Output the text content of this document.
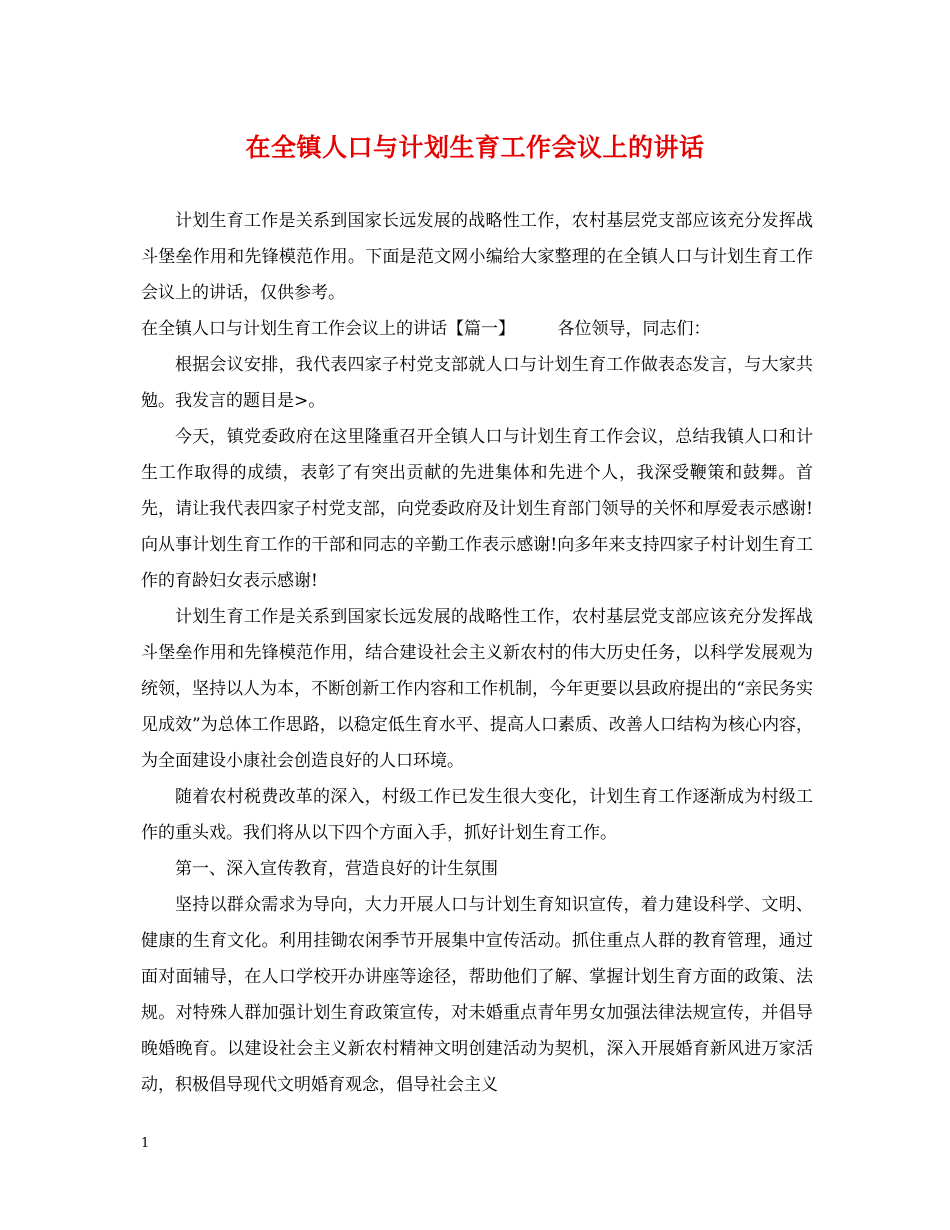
在全镇人口与计划生育工作会议上的讲话

计划生育工作是关系到国家长远发展的战略性工作，农村基层党支部应该充分发挥战斗堡垒作用和先锋模范作用。下面是范文网小编给大家整理的在全镇人口与计划生育工作会议上的讲话，仅供参考。

在全镇人口与计划生育工作会议上的讲话【篇一】　　　各位领导，同志们：

根据会议安排，我代表四家子村党支部就人口与计划生育工作做表态发言，与大家共勉。我发言的题目是>。

今天，镇党委政府在这里隆重召开全镇人口与计划生育工作会议，总结我镇人口和计生工作取得的成绩，表彰了有突出贡献的先进集体和先进个人，我深受鞭策和鼓舞。首先，请让我代表四家子村党支部，向党委政府及计划生育部门领导的关怀和厚爱表示感谢!向从事计划生育工作的干部和同志的辛勤工作表示感谢!向多年来支持四家子村计划生育工作的育龄妇女表示感谢!

计划生育工作是关系到国家长远发展的战略性工作，农村基层党支部应该充分发挥战斗堡垒作用和先锋模范作用，结合建设社会主义新农村的伟大历史任务，以科学发展观为统领，坚持以人为本，不断创新工作内容和工作机制，今年更要以县政府提出的“亲民务实见成效”为总体工作思路，以稳定低生育水平、提高人口素质、改善人口结构为核心内容，为全面建设小康社会创造良好的人口环境。

随着农村税费改革的深入，村级工作已发生很大变化，计划生育工作逐渐成为村级工作的重头戏。我们将从以下四个方面入手，抓好计划生育工作。

第一、深入宣传教育，营造良好的计生氛围

坚持以群众需求为导向，大力开展人口与计划生育知识宣传，着力建设科学、文明、健康的生育文化。利用挂锄农闲季节开展集中宣传活动。抓住重点人群的教育管理，通过面对面辅导，在人口学校开办讲座等途径，帮助他们了解、掌握计划生育方面的政策、法规。对特殊人群加强计划生育政策宣传，对未婚重点青年男女加强法律法规宣传，并倡导晚婚晚育。以建设社会主义新农村精神文明创建活动为契机，深入开展婚育新风进万家活动，积极倡导现代文明婚育观念，倡导社会主义

1
